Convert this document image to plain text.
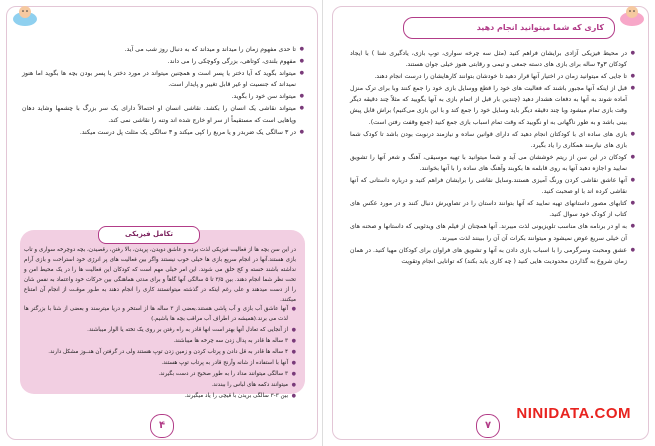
● تا حدی مفهوم زمان را میداند و میداند که به دنبال روز شب می آید.
● مفهوم بلندی، کوتاهی، بزرگی وکوچکی را می داند.
● میتواند بگوید که آیا دختر یا پسر است و همچنین میتواند در مورد دختر یا پسر بودن بچه ها بگوید اما هنوز نمیداند که جنسیت او غیر قابل تغییر و پایدار است.
● میتواند سن خود را بگوید.
● میتواند نقاشی یک انسان را بکشد. نقاشی انسان او احتمالاً دارای یک سر بزرگ با چشمها وشاید دهان وپاهایی است که مستقیماً از سر او خارج شده اند وتنه را نقاشی نمی کند.
● در ۳ سالگی یک ضربدر و یا مربع را کپی میکند و ۳ سالگی یک مثلث پل درست میکند.
تکامل فیزیکی
در این سن بچه ها از فعالیت فیزیکی لذت برده و عاشق دویدن، پریدن، بالا رفتن، رقصیدن، بچه دوچرخه سواری و تاب بازی هستند.آنها در انجام سریع بازی ها خیلی خوب نیستند واگر بین فعالیت های پر انرژی خود استراحت و بازی آرام نداشته باشند خسته و کج خلق می شوند. این امر خیلی مهم است که کودکان این فعالیت ها را در یک محیط امن و تحت نظر شما انجام دهند. بین ۳/۵ تا ۵ سالگی آنها گاهاً و برای مدتی هماهنگی بین حرکات خود واعتماد به نفس شان را از دست میدهند و علی رغم اینکه در گذشته میتوانستند کاری را انجام دهند به طـور موقـت از انجام آن امتناع میکنند.
● آنها عاشق آب بازی و آب پاشی هستند.بعضی از ۳ ساله ها از استخر و دریا میترسند و بعضی از شنا با بزرگتر ها لذت می برند.(همیشه در اطراف آب مراقب بچه ها باشیم.)
● از آنجایی که تعادل آنها بهتر است انها قادر به راه رفتن بر روی یک تخته یا الوار میباشند.
● ۳ ساله ها قادر به پدال زدن سه چرخه ها میباشند.
● ۴ ساله ها قادر به قل دادن و پرتاب کردن و زمین زدن توپ هستند ولی در گرفتن آن هنــوز مشکل دارند.
● آنها با استفاده از شانه وآرنج قادر به پرتاب توپ هستند.
● ۳ سالگی میتوانند مداد را به طور صحیح در دست بگیرند.
● میتوانند دکمه های لباس را ببندند.
● بین ۳-۳ سالگی بریدن با قیچی را یاد میگیرند.
۴
کاری که شما میتوانید انجام دهید
● در محیط فیزیکی آزادی برایشان فراهم کنید (مثل سه چرخه سواری، توپ بازی، یادگیری شنا ) با ایجاد کودکان ۳و۴ ساله برای بازی های دسته جمعی و تیمی و رقابتی هنوز خیلی جوان هستند.
● تا جایی که میتوانید زمان در اختیار آنها قرار دهید تا خودشان بتوانند کارهایشان را درست انجام دهند.
● قبل از اینکه آنها مجبور باشند که فعالیت های خود را قطع ووسایل بازی خود را جمع کنند وبا برای ترک منزل آماده شوند به آنها به دفعات هشدار دهید (چندین بار قبل از اتمام بازی به آنها بگویید که مثلاً چند دقیقه دیگر وقت بازی تمام میشود وبا چند دقیقه دیگر باید وسایل خود را جمع کند و با این بازی می‌کنیم) براش قابل پیش بینی باشد و به طور ناگهانی به او نگویید که وقت تمام اسباب بازی جمع کنید (جمع وقفت رفتن است).
● بازی های ساده ای با کودکتان انجام دهید که دارای قوانین ساده و نیازمند درنوبت بودن باشد تا کودک شما بازی های نیازمند همکاری را یاد بگیرد.
● کودکان در این سن از ریتم خوششان می آید و شما میتوانید با تهیه موسیقی، آهنگ و شعر آنها را تشویق نمایید و اجازه دهید آنها به روی قابلمه ها بکوبند وآهنگ های ساده را با آنها بخوانند.
● آنها عاشق نقاشی کردن ورنگ آمیزی هستند.وسایل نقاشی را برایشان فراهم کنید و درباره داستانی که آنها نقاشی کرده اند با او صحبت کنید.
● کتابهای مصور داستانهای تهیه نمایید که آنها بتوانند داستان را در تصاویرش دنبال کنند و در مورد عکس های کتاب از کودک خود سوال کنید.
● به او در برنامه های مناسب تلویزیونی لذت میبرند. آنها همچنان از فیلم های ویدئویی که داستانها و صحنه های آن خیلی سریع عوض نمیشود و میتوانند بکرات آن آن را ببینند لذت میبرند.
● عشق ومحبت وسرگرمی را با اسباب بازی دادن به آنها و تشویق های فراوان برای کودکان مهیا کنید. در همان زمان شروع به گذاردن محدودیت هایی کنید ( چه کاری باید بکند) که توانایی انجام وتقویت
۷
NINIDATA.COM
